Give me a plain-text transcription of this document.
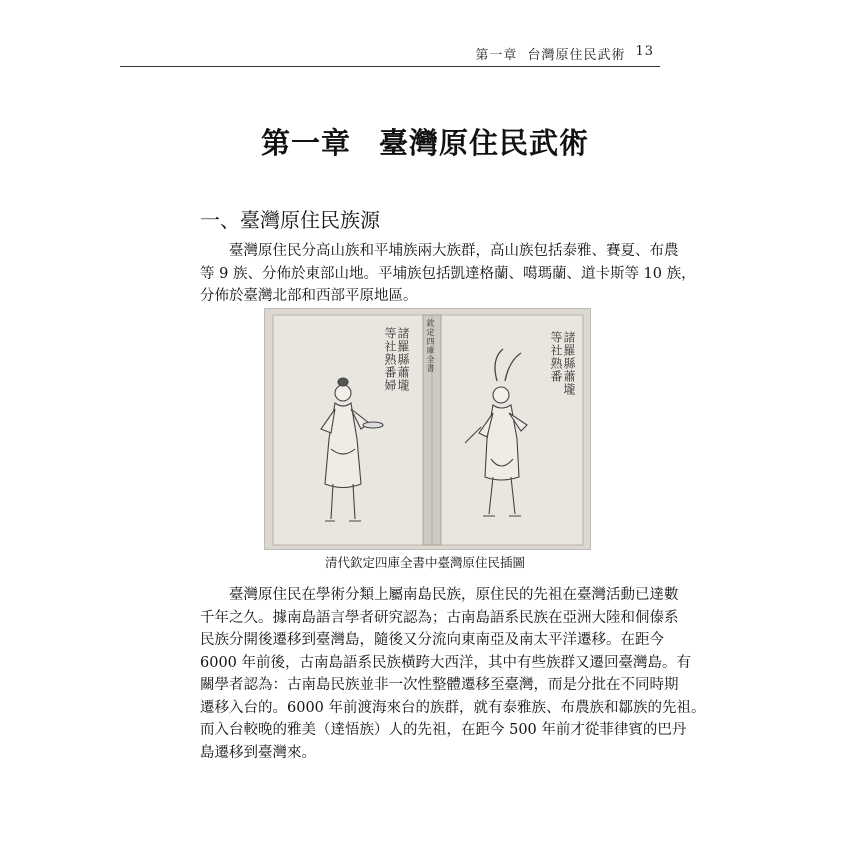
第一章 台灣原住民武術 13
第一章 臺灣原住民武術
一、臺灣原住民族源

臺灣原住民分高山族和平埔族兩大族群，高山族包括泰雅、賽夏、布農
等 9 族、分佈於東部山地。平埔族包括凱達格蘭、噶瑪蘭、道卡斯等 10 族，
分佈於臺灣北部和西部平原地區。

諸羅縣蕭壠
等社熟番婦	欽定四庫全書	諸羅縣蕭壠
等社熟番
清代欽定四庫全書中臺灣原住民插圖

臺灣原住民在學術分類上屬南島民族，原住民的先祖在臺灣活動已達數
千年之久。據南島語言學者研究認為；古南島語系民族在亞洲大陸和侗傣系
民族分開後遷移到臺灣島，隨後又分流向東南亞及南太平洋遷移。在距今
6000 年前後，古南島語系民族橫跨大西洋，其中有些族群又遷回臺灣島。有
關學者認為：古南島民族並非一次性整體遷移至臺灣，而是分批在不同時期
遷移入台的。6000 年前渡海來台的族群，就有泰雅族、布農族和鄒族的先祖。
而入台較晚的雅美（達悟族）人的先祖，在距今 500 年前才從菲律賓的巴丹
島遷移到臺灣來。
